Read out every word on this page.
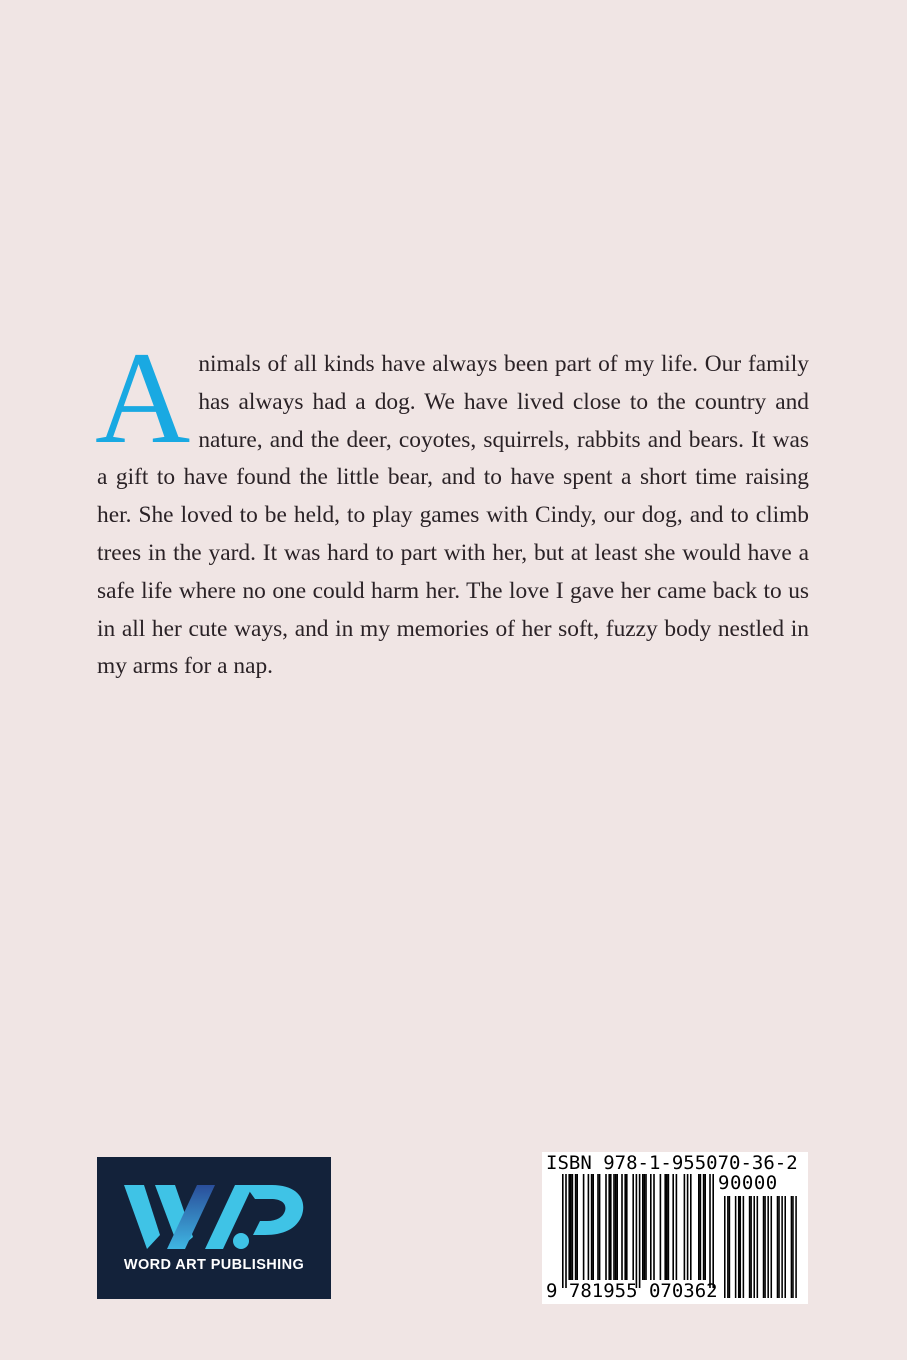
A nimals of all kinds have always been part of my life. Our family has always had a dog. We have lived close to the country and nature, and the deer, coyotes, squirrels, rabbits and bears. It was a gift to have found the little bear, and to have spent a short time raising her. She loved to be held, to play games with Cindy, our dog, and to climb trees in the yard. It was hard to part with her, but at least she would have a safe life where no one could harm her. The love I gave her came back to us in all her cute ways, and in my memories of her soft, fuzzy body nestled in my arms for a nap.
WORD ART PUBLISHING
ISBN 978-1-955070-36-2
90000
9 781955 070362
